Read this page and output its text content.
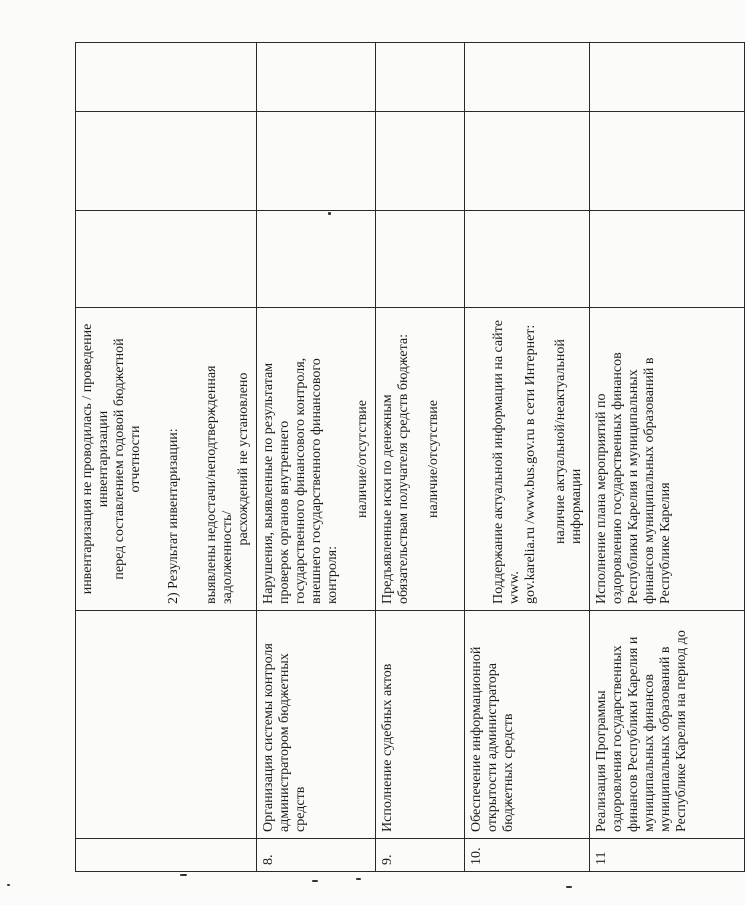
		инвентаризация не проводилась / проведение инвентаризации перед составлением годовой бюджетной отчетности 2) Результат инвентаризации: выявлены недостачи/неподтвержденная задолженность/

расхождений не установлено			

8.	Организация системы контроля администратором бюджетных средств	Нарушения, выявленные по результатам проверок органов внутреннего государственного финансового контроля, внешнего государственного финансового контроля:

наличие/отсутствие			

9.	Исполнение судебных актов	Предъявленные иски по денежным обязательствам получателя средств бюджета: наличие/отсутствие			

10.	Обеспечение информационной открытости администратора бюджетных средств	Поддержание актуальной информации на сайте www. gov.karelia.ru /www.bus.gov.ru в сети Интернет: наличие актуальной/неактуальной информации			

11	Реализация Программы оздоровления государственных финансов Республики Карелия и муниципальных финансов муниципальных образований в Республике Карелия на период до	Исполнение плана мероприятий по оздоровлению государственных финансов Республики Карелия и муниципальных финансов муниципальных образований в Республике Карелия			
